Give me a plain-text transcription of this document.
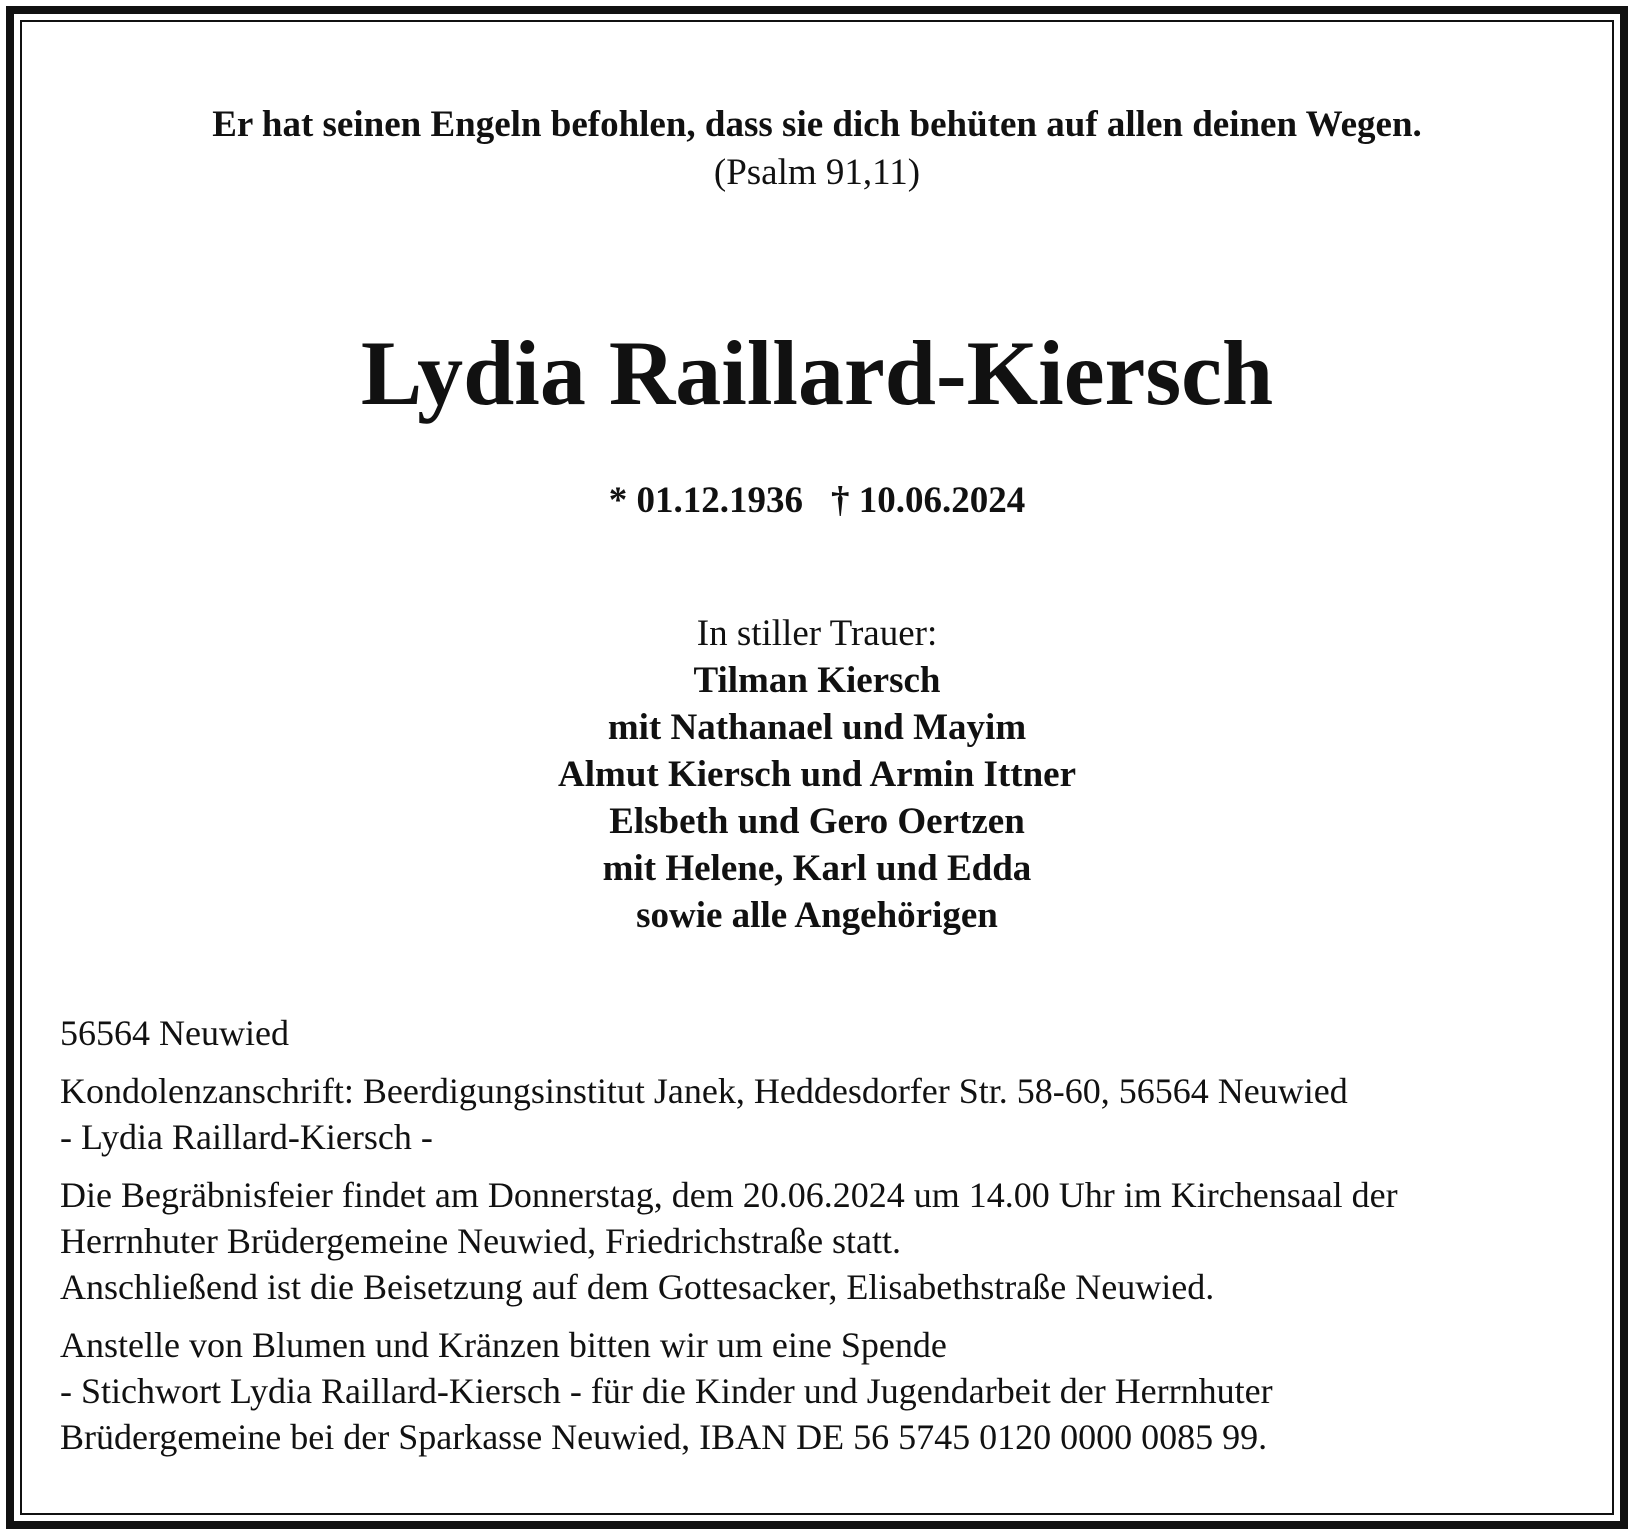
Er hat seinen Engeln befohlen, dass sie dich behüten auf allen deinen Wegen.
(Psalm 91,11)
Lydia Raillard-Kiersch
* 01.12.1936 † 10.06.2024
In stiller Trauer:
Tilman Kiersch
mit Nathanael und Mayim
Almut Kiersch und Armin Ittner
Elsbeth und Gero Oertzen
mit Helene, Karl und Edda
sowie alle Angehörigen

56564 Neuwied

Kondolenzanschrift: Beerdigungsinstitut Janek, Heddesdorfer Str. 58-60, 56564 Neuwied
- Lydia Raillard-Kiersch -

Die Begräbnisfeier findet am Donnerstag, dem 20.06.2024 um 14.00 Uhr im Kirchensaal der
Herrnhuter Brüdergemeine Neuwied, Friedrichstraße statt.
Anschließend ist die Beisetzung auf dem Gottesacker, Elisabethstraße Neuwied.

Anstelle von Blumen und Kränzen bitten wir um eine Spende
- Stichwort Lydia Raillard-Kiersch - für die Kinder und Jugendarbeit der Herrnhuter
Brüdergemeine bei der Sparkasse Neuwied, IBAN DE 56 5745 0120 0000 0085 99.
